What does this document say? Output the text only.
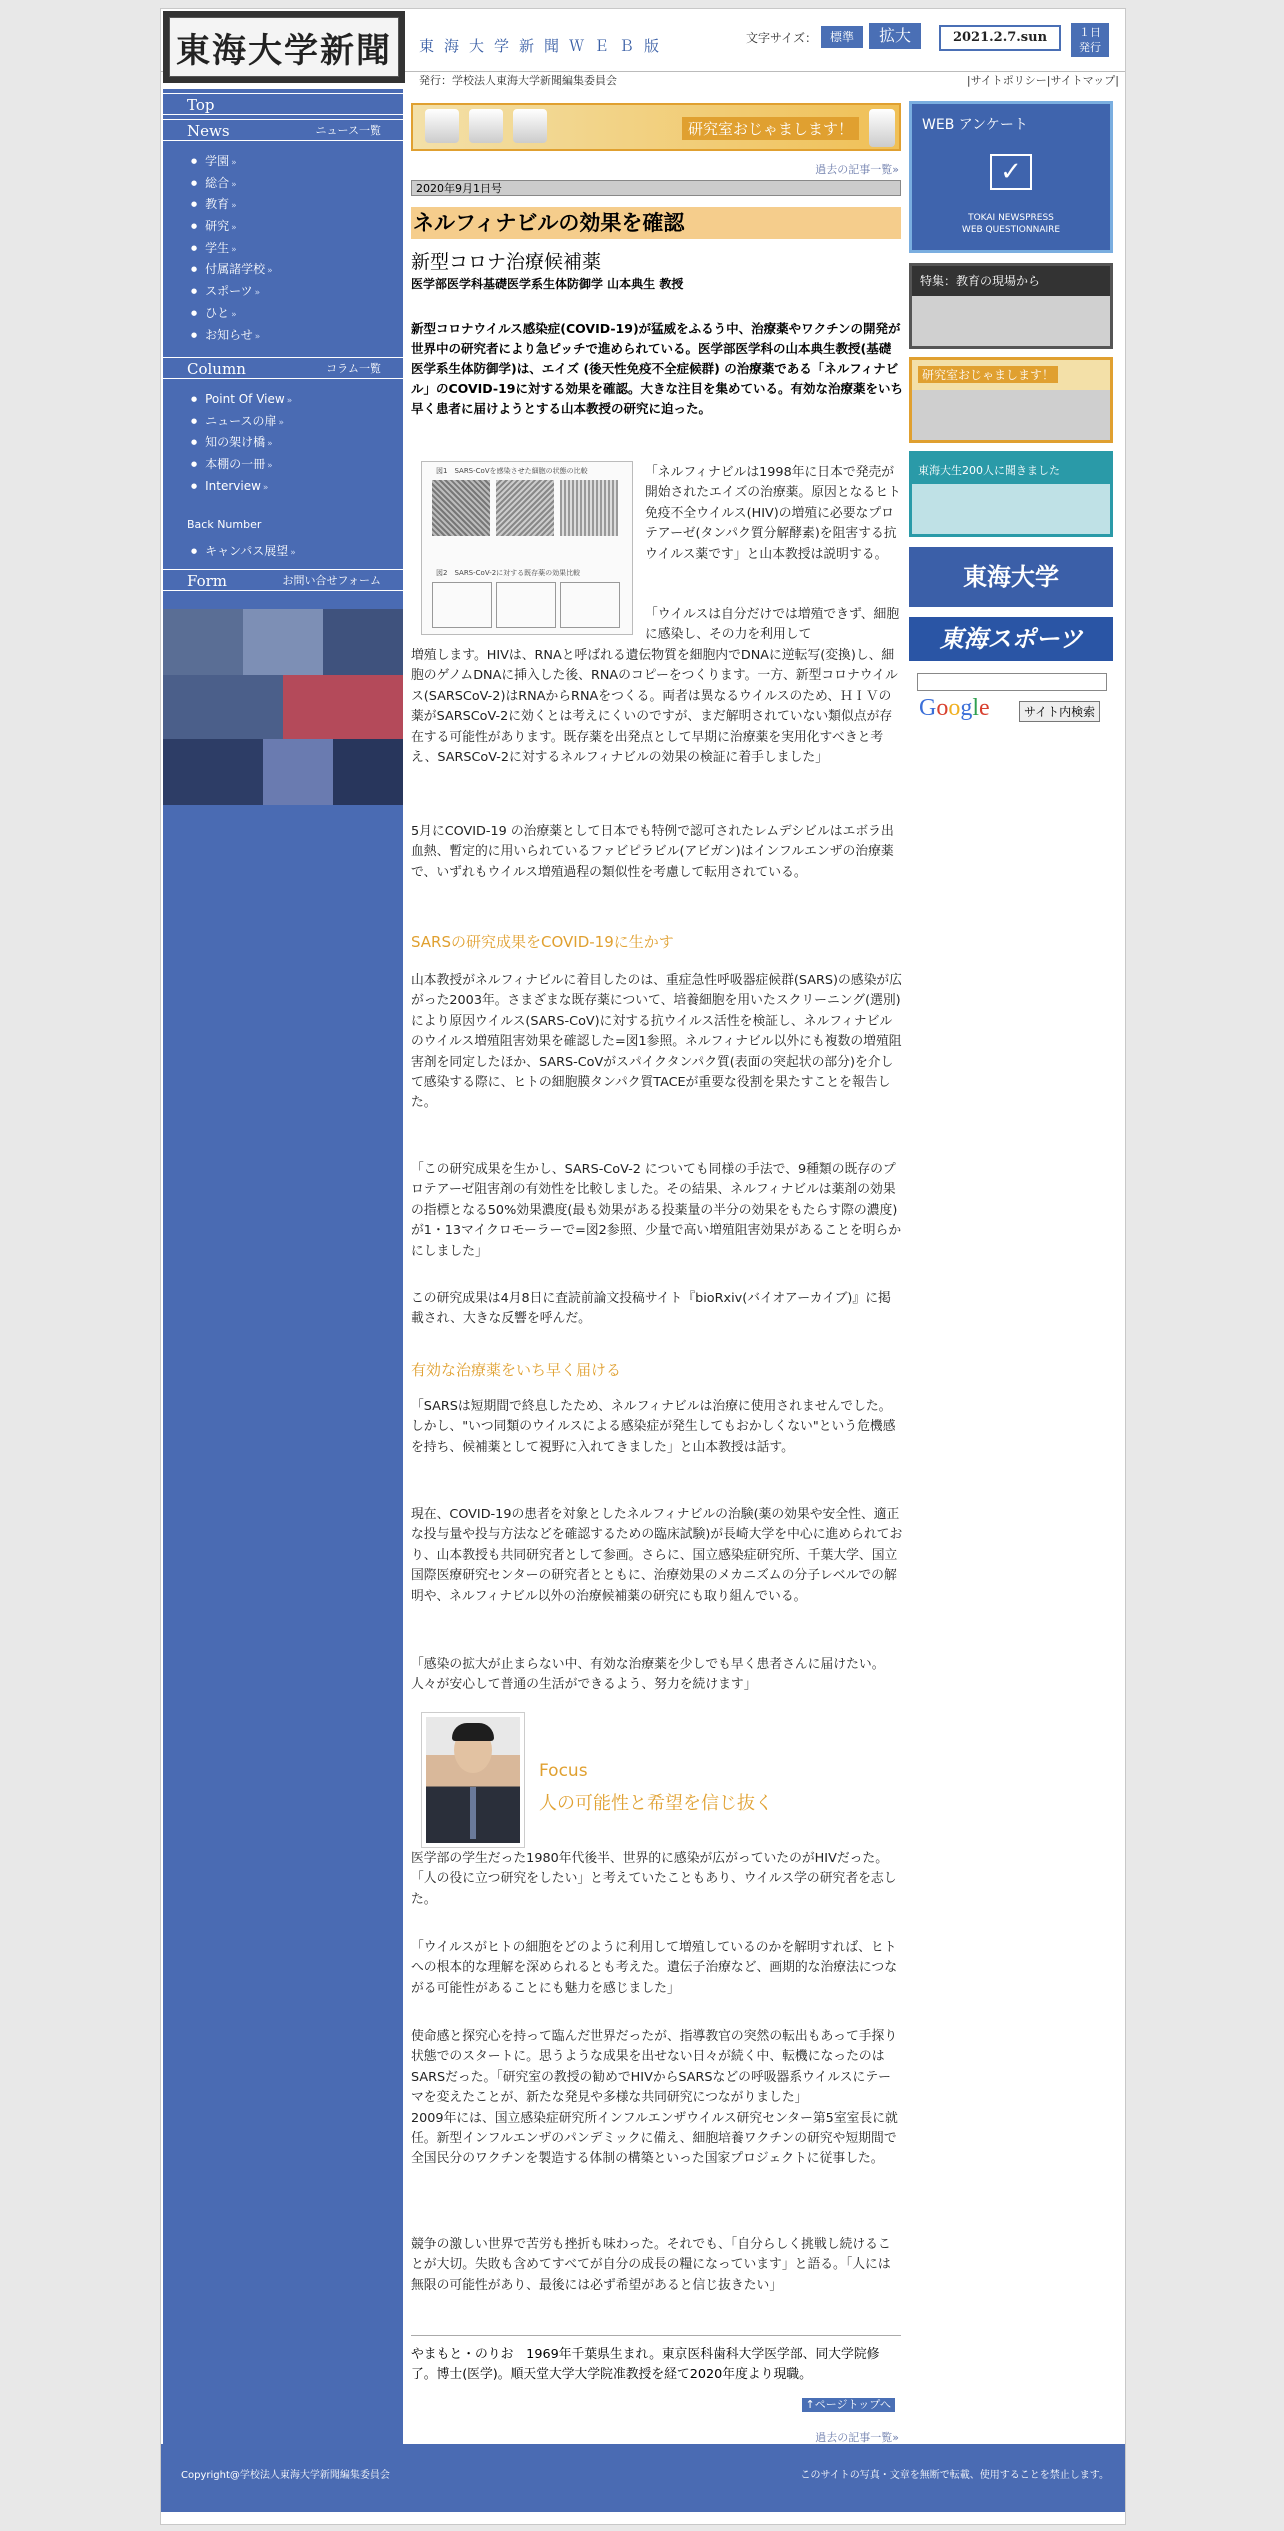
東海大学新聞 東海大学新聞ＷＥＢ版	文字サイズ：	標準	拡大	2021.2.7.sun	１日
発行
発行：学校法人東海大学新聞編集委員会	|サイトポリシー|サイトマップ|
Top
News	ニュース一覧
● 学園 »
● 総合 »
● 教育 »
● 研究 »
● 学生 »
● 付属諸学校 »
● スポーツ »
● ひと »
● お知らせ »
Column	コラム一覧
● Point Of View »
● ニュースの扉 »
● 知の架け橋 »
● 本棚の一冊 »
● Interview »
Back Number
● キャンパス展望 »
Form	お問い合せフォーム
研究室おじゃまします！
過去の記事一覧»
2020年9月1日号
ネルフィナビルの効果を確認
新型コロナ治療候補薬
医学部医学科基礎医学系生体防御学 山本典生 教授
新型コロナウイルス感染症(COVID-19)が猛威をふるう中、治療薬やワクチンの開発が世界中の研究者により急ピッチで進められている。医学部医学科の山本典生教授(基礎医学系生体防御学)は、エイズ (後天性免疫不全症候群) の治療薬である「ネルフィナビル」のCOVID-19に対する効果を確認。大きな注目を集めている。有効な治療薬をいち早く患者に届けようとする山本教授の研究に迫った。
図1　SARS-CoVを感染させた細胞の状態の比較
図2　SARS-CoV-2に対する既存薬の効果比較

「ネルフィナビルは1998年に日本で発売が開始されたエイズの治療薬。原因となるヒト免疫不全ウイルス(HIV)の増殖に必要なプロテアーゼ(タンパク質分解酵素)を阻害する抗ウイルス薬です」と山本教授は説明する。

「ウイルスは自分だけでは増殖できず、細胞に感染し、その力を利用して

増殖します。HIVは、RNAと呼ばれる遺伝物質を細胞内でDNAに逆転写(変換)し、細胞のゲノムDNAに挿入した後、RNAのコピーをつくります。一方、新型コロナウイルス(SARSCoV-2)はRNAからRNAをつくる。両者は異なるウイルスのため、ＨＩＶの薬がSARSCoV-2に効くとは考えにくいのですが、まだ解明されていない類似点が存在する可能性があります。既存薬を出発点として早期に治療薬を実用化すべきと考え、SARSCoV-2に対するネルフィナビルの効果の検証に着手しました」

5月にCOVID-19 の治療薬として日本でも特例で認可されたレムデシビルはエボラ出血熱、暫定的に用いられているファビピラビル(アビガン)はインフルエンザの治療薬で、いずれもウイルス増殖過程の類似性を考慮して転用されている。

SARSの研究成果をCOVID-19に生かす

山本教授がネルフィナビルに着目したのは、重症急性呼吸器症候群(SARS)の感染が広がった2003年。さまざまな既存薬について、培養細胞を用いたスクリーニング(選別)により原因ウイルス(SARS-CoV)に対する抗ウイルス活性を検証し、ネルフィナビルのウイルス増殖阻害効果を確認した=図1参照。ネルフィナビル以外にも複数の増殖阻害剤を同定したほか、SARS-CoVがスパイクタンパク質(表面の突起状の部分)を介して感染する際に、ヒトの細胞膜タンパク質TACEが重要な役割を果たすことを報告した。

「この研究成果を生かし、SARS-CoV-2 についても同様の手法で、9種類の既存のプロテアーゼ阻害剤の有効性を比較しました。その結果、ネルフィナビルは薬剤の効果の指標となる50%効果濃度(最も効果がある投薬量の半分の効果をもたらす際の濃度)が1・13マイクロモーラーで=図2参照、少量で高い増殖阻害効果があることを明らかにしました」

この研究成果は4月8日に査読前論文投稿サイト『bioRxiv(バイオアーカイブ)』に掲載され、大きな反響を呼んだ。

有効な治療薬をいち早く届ける

「SARSは短期間で終息したため、ネルフィナビルは治療に使用されませんでした。しかし、"いつ同類のウイルスによる感染症が発生してもおかしくない"という危機感を持ち、候補薬として視野に入れてきました」と山本教授は話す。

現在、COVID-19の患者を対象としたネルフィナビルの治験(薬の効果や安全性、適正な投与量や投与方法などを確認するための臨床試験)が長崎大学を中心に進められており、山本教授も共同研究者として参画。さらに、国立感染症研究所、千葉大学、国立国際医療研究センターの研究者とともに、治療効果のメカニズムの分子レベルでの解明や、ネルフィナビル以外の治療候補薬の研究にも取り組んでいる。

「感染の拡大が止まらない中、有効な治療薬を少しでも早く患者さんに届けたい。人々が安心して普通の生活ができるよう、努力を続けます」

Focus
人の可能性と希望を信じ抜く

医学部の学生だった1980年代後半、世界的に感染が広がっていたのがHIVだった。「人の役に立つ研究をしたい」と考えていたこともあり、ウイルス学の研究者を志した。

「ウイルスがヒトの細胞をどのように利用して増殖しているのかを解明すれば、ヒトへの根本的な理解を深められるとも考えた。遺伝子治療など、画期的な治療法につながる可能性があることにも魅力を感じました」

使命感と探究心を持って臨んだ世界だったが、指導教官の突然の転出もあって手探り状態でのスタートに。思うような成果を出せない日々が続く中、転機になったのはSARSだった。「研究室の教授の勧めでHIVからSARSなどの呼吸器系ウイルスにテーマを変えたことが、新たな発見や多様な共同研究につながりました」
2009年には、国立感染症研究所インフルエンザウイルス研究センター第5室室長に就任。新型インフルエンザのパンデミックに備え、細胞培養ワクチンの研究や短期間で全国民分のワクチンを製造する体制の構築といった国家プロジェクトに従事した。

競争の激しい世界で苦労も挫折も味わった。それでも、「自分らしく挑戦し続けることが大切。失敗も含めてすべてが自分の成長の糧になっています」と語る。「人には無限の可能性があり、最後には必ず希望があると信じ抜きたい」

やまもと・のりお　1969年千葉県生まれ。東京医科歯科大学医学部、同大学院修了。博士(医学)。順天堂大学大学院准教授を経て2020年度より現職。
↑ページトップへ
過去の記事一覧»
WEB アンケート
✓
TOKAI NEWSPRESS
WEB QUESTIONNAIRE
特集：教育の現場から
研究室おじゃまします！
東海大生200人に聞きました
東海大学
東海スポーツ
Google	サイト内検索
Copyright@学校法人東海大学新聞編集委員会	このサイトの写真・文章を無断で転載、使用することを禁止します。
